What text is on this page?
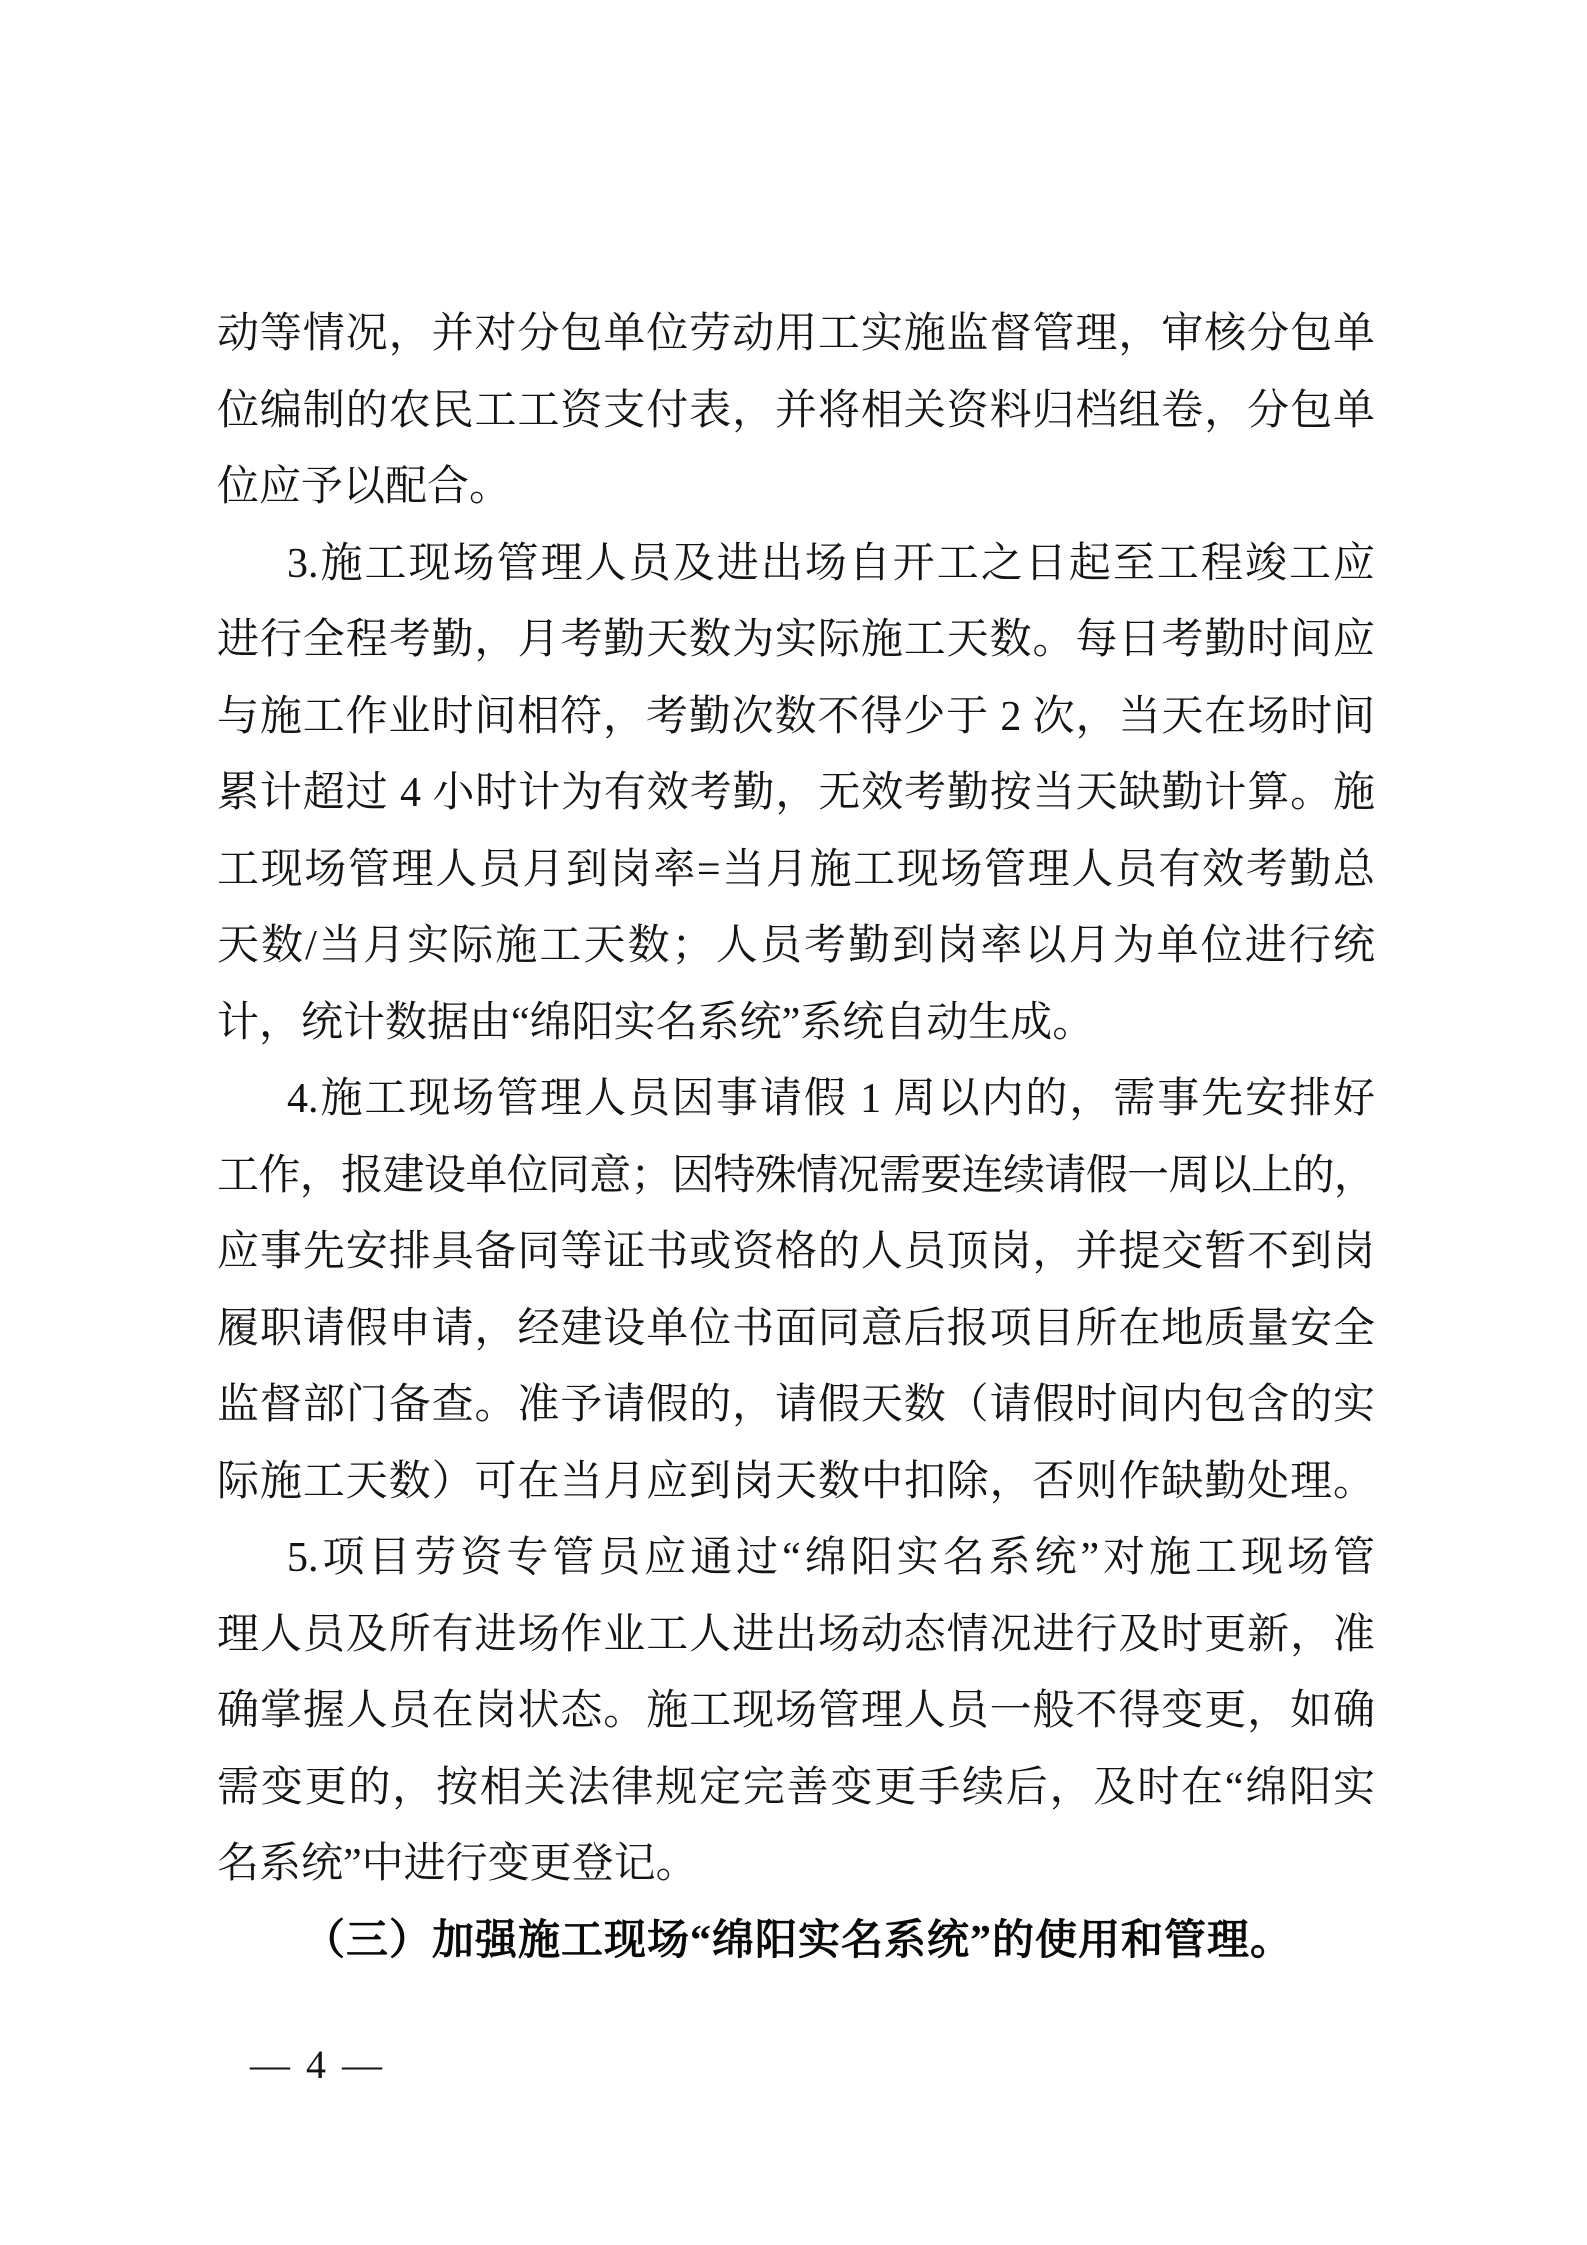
动等情况，并对分包单位劳动用工实施监督管理，审核分包单
位编制的农民工工资支付表，并将相关资料归档组卷，分包单
位应予以配合。
3.施工现场管理人员及进出场自开工之日起至工程竣工应
进行全程考勤，月考勤天数为实际施工天数。每日考勤时间应
与施工作业时间相符，考勤次数不得少于 2 次，当天在场时间
累计超过 4 小时计为有效考勤，无效考勤按当天缺勤计算。施
工现场管理人员月到岗率=当月施工现场管理人员有效考勤总
天数/当月实际施工天数；人员考勤到岗率以月为单位进行统
计，统计数据由“绵阳实名系统”系统自动生成。
4.施工现场管理人员因事请假 1 周以内的，需事先安排好
工作，报建设单位同意；因特殊情况需要连续请假一周以上的，
应事先安排具备同等证书或资格的人员顶岗，并提交暂不到岗
履职请假申请，经建设单位书面同意后报项目所在地质量安全
监督部门备查。准予请假的，请假天数（请假时间内包含的实
际施工天数）可在当月应到岗天数中扣除，否则作缺勤处理。
5.项目劳资专管员应通过“绵阳实名系统”对施工现场管
理人员及所有进场作业工人进出场动态情况进行及时更新，准
确掌握人员在岗状态。施工现场管理人员一般不得变更，如确
需变更的，按相关法律规定完善变更手续后，及时在“绵阳实
名系统”中进行变更登记。
（三）加强施工现场“绵阳实名系统”的使用和管理。
— 4 —
